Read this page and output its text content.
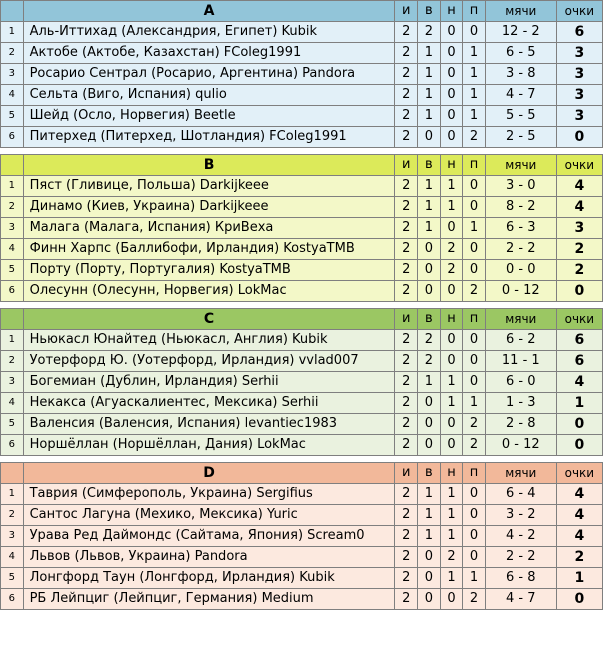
	A	и	в	н	п	мячи	очки
1	Аль-Иттихад (Александрия, Египет) Kubik	2	2	0	0	12 - 2	6
2	Актобе (Актобе, Казахстан) FColeg1991	2	1	0	1	6 - 5	3
3	Росарио Сентрал (Росарио, Аргентина) Pandora	2	1	0	1	3 - 8	3
4	Сельта (Виго, Испания) qulio	2	1	0	1	4 - 7	3
5	Шейд (Осло, Норвегия) Beetle	2	1	0	1	5 - 5	3
6	Питерхед (Питерхед, Шотландия) FColeg1991	2	0	0	2	2 - 5	0
	B	и	в	н	п	мячи	очки
1	Пяст (Гливице, Польша) Darkijkeee	2	1	1	0	3 - 0	4
2	Динамо (Киев, Украина) Darkijkeee	2	1	1	0	8 - 2	4
3	Малага (Малага, Испания) КриВеха	2	1	0	1	6 - 3	3
4	Финн Харпс (Баллибофи, Ирландия) KostyaTMB	2	0	2	0	2 - 2	2
5	Порту (Порту, Португалия) KostyaTMB	2	0	2	0	0 - 0	2
6	Олесунн (Олесунн, Норвегия) LokMac	2	0	0	2	0 - 12	0
	C	и	в	н	п	мячи	очки
1	Ньюкасл Юнайтед (Ньюкасл, Англия) Kubik	2	2	0	0	6 - 2	6
2	Уотерфорд Ю. (Уотерфорд, Ирландия) vvlad007	2	2	0	0	11 - 1	6
3	Богемиан (Дублин, Ирландия) Serhii	2	1	1	0	6 - 0	4
4	Некакса (Агуаскалиентес, Мексика) Serhii	2	0	1	1	1 - 3	1
5	Валенсия (Валенсия, Испания) levantiec1983	2	0	0	2	2 - 8	0
6	Норшёллан (Норшёллан, Дания) LokMac	2	0	0	2	0 - 12	0
	D	и	в	н	п	мячи	очки
1	Таврия (Симферополь, Украина) Sergifius	2	1	1	0	6 - 4	4
2	Сантос Лагуна (Мехико, Мексика) Yuric	2	1	1	0	3 - 2	4
3	Урава Ред Даймондс (Сайтама, Япония) Scream0	2	1	1	0	4 - 2	4
4	Львов (Львов, Украина) Pandora	2	0	2	0	2 - 2	2
5	Лонгфорд Таун (Лонгфорд, Ирландия) Kubik	2	0	1	1	6 - 8	1
6	РБ Лейпциг (Лейпциг, Германия) Medium	2	0	0	2	4 - 7	0
